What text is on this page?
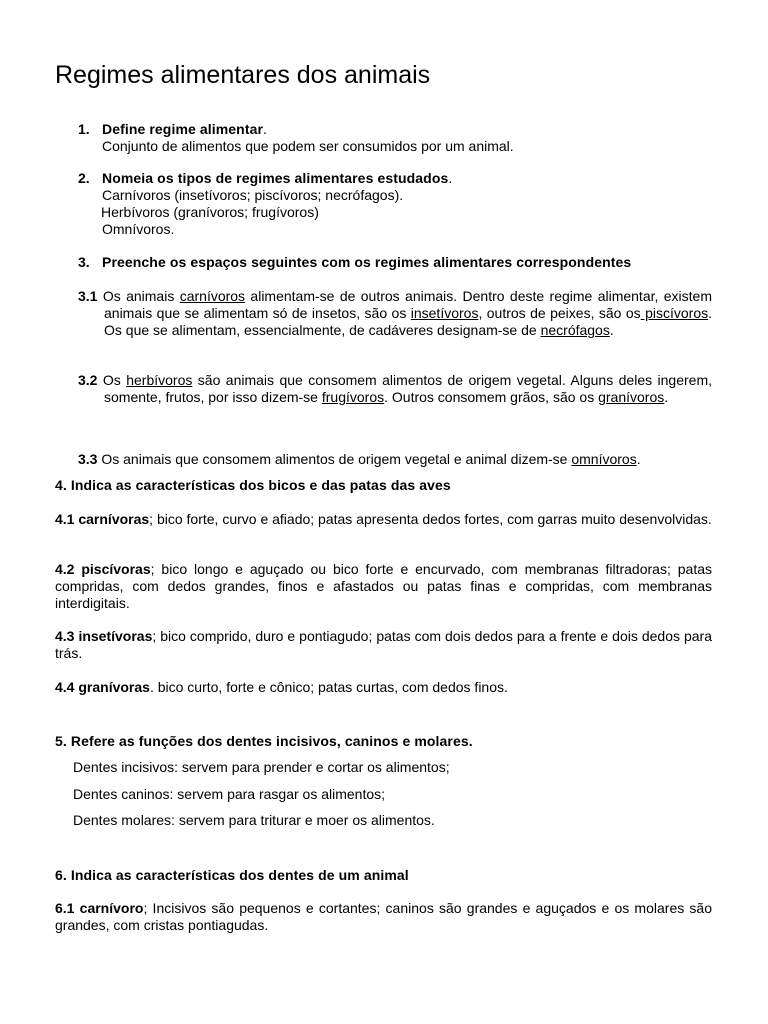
Regimes alimentares dos animais
1. Define regime alimentar.
Conjunto de alimentos que podem ser consumidos por um animal.
2. Nomeia os tipos de regimes alimentares estudados.
Carnívoros (insetívoros; piscívoros; necrófagos).
Herbívoros (granívoros; frugívoros)
Omnívoros.
3. Preenche os espaços seguintes com os regimes alimentares correspondentes
3.1 Os animais carnívoros alimentam-se de outros animais. Dentro deste regime alimentar, existem animais que se alimentam só de insetos, são os insetívoros, outros de peixes, são os piscívoros. Os que se alimentam, essencialmente, de cadáveres designam-se de necrófagos.
3.2 Os herbívoros são animais que consomem alimentos de origem vegetal. Alguns deles ingerem, somente, frutos, por isso dizem-se frugívoros. Outros consomem grãos, são os granívoros.
3.3 Os animais que consomem alimentos de origem vegetal e animal dizem-se omnívoros.
4. Indica as características dos bicos e das patas das aves
4.1 carnívoras; bico forte, curvo e afiado; patas apresenta dedos fortes, com garras muito desenvolvidas.
4.2 piscívoras; bico longo e aguçado ou bico forte e encurvado, com membranas filtradoras; patas compridas, com dedos grandes, finos e afastados ou patas finas e compridas, com membranas interdigitais.
4.3 insetívoras; bico comprido, duro e pontiagudo; patas com dois dedos para a frente e dois dedos para trás.
4.4 granívoras. bico curto, forte e cônico; patas curtas, com dedos finos.
5. Refere as funções dos dentes incisivos, caninos e molares.
Dentes incisivos: servem para prender e cortar os alimentos;
Dentes caninos: servem para rasgar os alimentos;
Dentes molares: servem para triturar e moer os alimentos.
6. Indica as características dos dentes de um animal
6.1 carnívoro; Incisivos são pequenos e cortantes; caninos são grandes e aguçados e os molares são grandes, com cristas pontiagudas.
